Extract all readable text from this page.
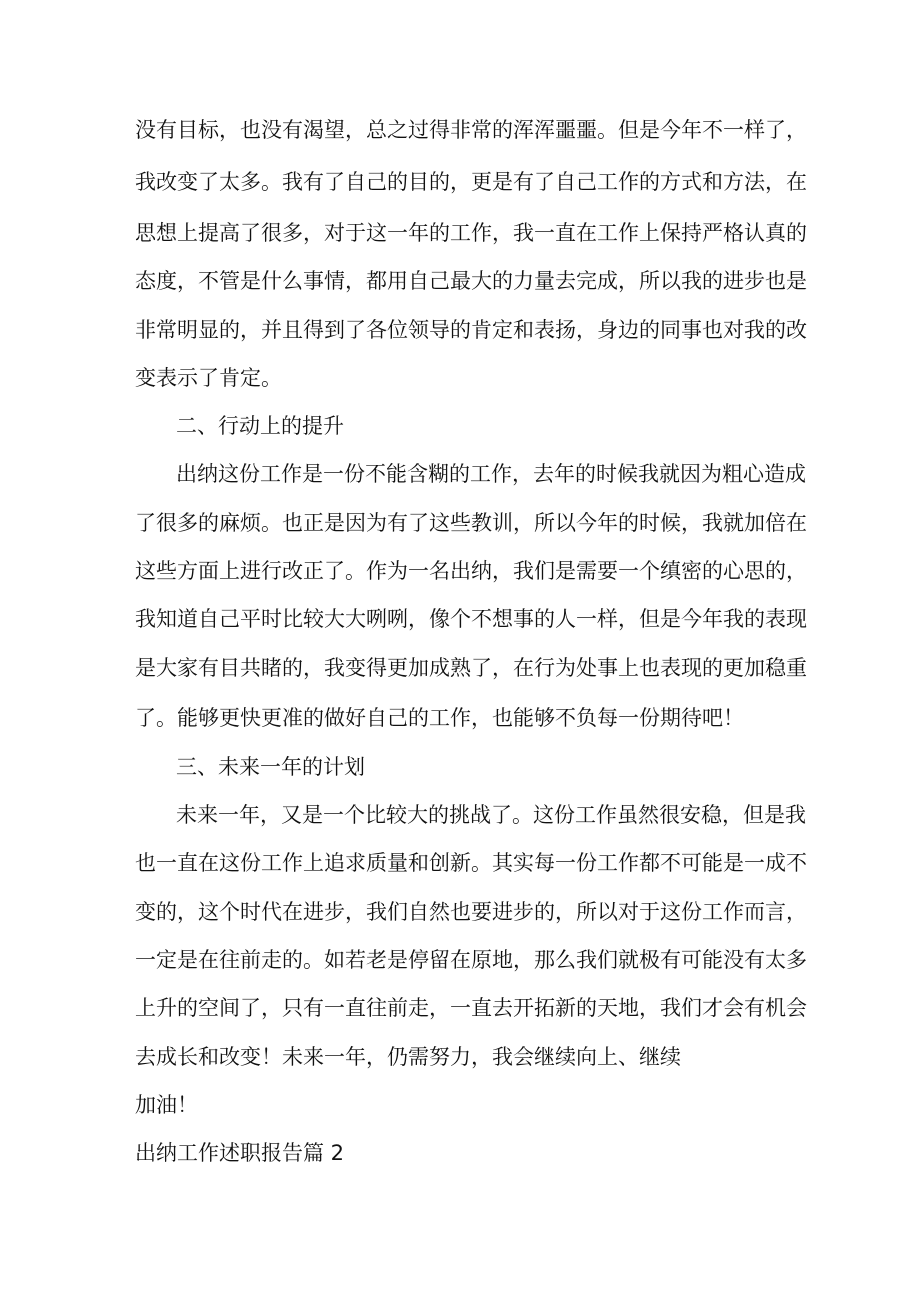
没有目标，也没有渴望，总之过得非常的浑浑噩噩。但是今年不一样了，
我改变了太多。我有了自己的目的，更是有了自己工作的方式和方法，在
思想上提高了很多，对于这一年的工作，我一直在工作上保持严格认真的
态度，不管是什么事情，都用自己最大的力量去完成，所以我的进步也是
非常明显的，并且得到了各位领导的肯定和表扬，身边的同事也对我的改
变表示了肯定。
二、行动上的提升
出纳这份工作是一份不能含糊的工作，去年的时候我就因为粗心造成
了很多的麻烦。也正是因为有了这些教训，所以今年的时候，我就加倍在
这些方面上进行改正了。作为一名出纳，我们是需要一个缜密的心思的，
我知道自己平时比较大大咧咧，像个不想事的人一样，但是今年我的表现
是大家有目共睹的，我变得更加成熟了，在行为处事上也表现的更加稳重
了。能够更快更准的做好自己的工作，也能够不负每一份期待吧！
三、未来一年的计划
未来一年，又是一个比较大的挑战了。这份工作虽然很安稳，但是我
也一直在这份工作上追求质量和创新。其实每一份工作都不可能是一成不
变的，这个时代在进步，我们自然也要进步的，所以对于这份工作而言，
一定是在往前走的。如若老是停留在原地，那么我们就极有可能没有太多
上升的空间了，只有一直往前走，一直去开拓新的天地，我们才会有机会
去成长和改变！未来一年，仍需努力，我会继续向上、继续
加油！
出纳工作述职报告篇 2
